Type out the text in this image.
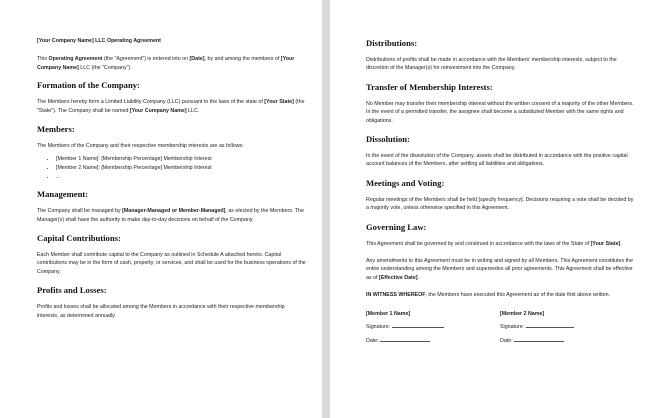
[Your Company Name] LLC Operating Agreement

This Operating Agreement (the "Agreement") is entered into on [Date], by and among the members of [Your Company Name] LLC (the "Company").

Formation of the Company:

The Members hereby form a Limited Liability Company (LLC) pursuant to the laws of the state of [Your State] (the "State"). The Company shall be named [Your Company Name] LLC.

Members:

The Members of the Company and their respective membership interests are as follows:

• [Member 1 Name]: [Membership Percentage] Membership Interest
• [Member 2 Name]: [Membership Percentage] Membership Interest
• ...
Management:

The Company shall be managed by [Manager-Managed or Member-Managed], as elected by the Members. The Manager(s) shall have the authority to make day-to-day decisions on behalf of the Company.

Capital Contributions:

Each Member shall contribute capital to the Company as outlined in Schedule A attached hereto. Capital contributions may be in the form of cash, property, or services, and shall be used for the business operations of the Company.

Profits and Losses:

Profits and losses shall be allocated among the Members in accordance with their respective membership interests, as determined annually.

Distributions:

Distributions of profits shall be made in accordance with the Members' membership interests, subject to the discretion of the Manager(s) for reinvestment into the Company.

Transfer of Membership Interests:

No Member may transfer their membership interest without the written consent of a majority of the other Members. In the event of a permitted transfer, the assignee shall become a substituted Member with the same rights and obligations.

Dissolution:

In the event of the dissolution of the Company, assets shall be distributed in accordance with the positive capital account balances of the Members, after settling all liabilities and obligations.

Meetings and Voting:

Regular meetings of the Members shall be held [specify frequency]. Decisions requiring a vote shall be decided by a majority vote, unless otherwise specified in this Agreement.

Governing Law:

This Agreement shall be governed by and construed in accordance with the laws of the State of [Your State].

Any amendments to this Agreement must be in writing and signed by all Members. This Agreement constitutes the entire understanding among the Members and supersedes all prior agreements. This Agreement shall be effective as of [Effective Date].

IN WITNESS WHEREOF, the Members have executed this Agreement as of the date first above written.

[Member 1 Name]

Signature:

Date:

[Member 2 Name]

Signature:

Date:
